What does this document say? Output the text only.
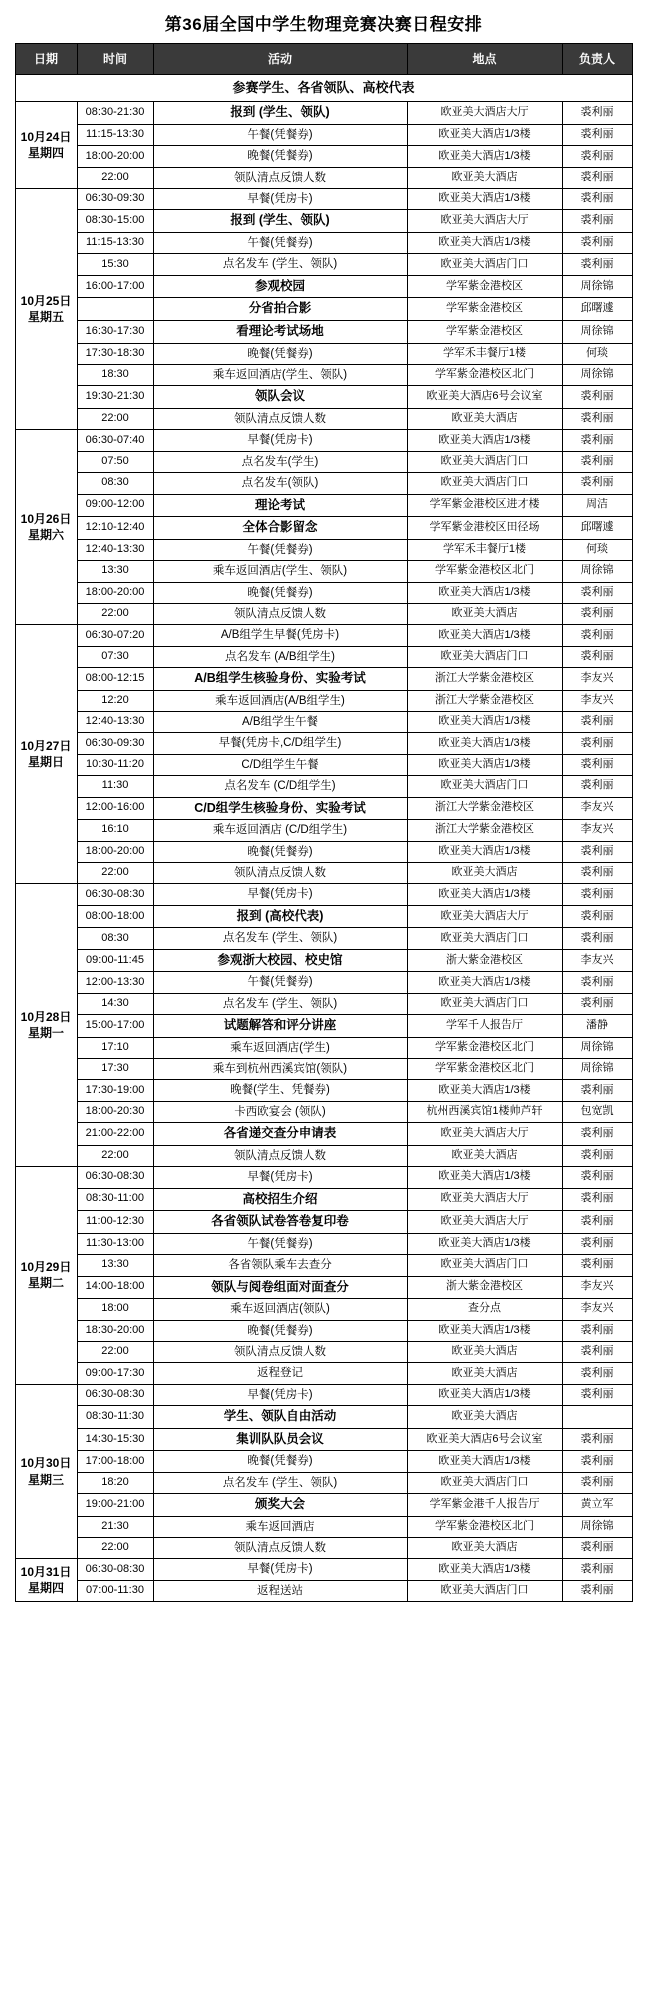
第36届全国中学生物理竞赛决赛日程安排
日期	时间	活动	地点	负责人
参赛学生、各省领队、高校代表				

10月24日
星期四	08:30-21:30	报到 (学生、领队)	欧亚美大酒店大厅	裘利丽
	11:15-13:30	午餐(凭餐券)	欧亚美大酒店1/3楼	裘利丽
	18:00-20:00	晚餐(凭餐券)	欧亚美大酒店1/3楼	裘利丽
	22:00	领队清点反馈人数	欧亚美大酒店	裘利丽

10月25日
星期五	06:30-09:30	早餐(凭房卡)	欧亚美大酒店1/3楼	裘利丽
	08:30-15:00	报到 (学生、领队)	欧亚美大酒店大厅	裘利丽
	11:15-13:30	午餐(凭餐券)	欧亚美大酒店1/3楼	裘利丽
	15:30	点名发车 (学生、领队)	欧亚美大酒店门口	裘利丽
	16:00-17:00	参观校园	学军紫金港校区	周徐锦
		分省拍合影	学军紫金港校区	邱曙遽
	16:30-17:30	看理论考试场地	学军紫金港校区	周徐锦
	17:30-18:30	晚餐(凭餐券)	学军禾丰餐厅1楼	何琰
	18:30	乘车返回酒店(学生、领队)	学军紫金港校区北门	周徐锦
	19:30-21:30	领队会议	欧亚美大酒店6号会议室	裘利丽
	22:00	领队清点反馈人数	欧亚美大酒店	裘利丽

10月26日
星期六	06:30-07:40	早餐(凭房卡)	欧亚美大酒店1/3楼	裘利丽
	07:50	点名发车(学生)	欧亚美大酒店门口	裘利丽
	08:30	点名发车(领队)	欧亚美大酒店门口	裘利丽
	09:00-12:00	理论考试	学军紫金港校区进才楼	周洁
	12:10-12:40	全体合影留念	学军紫金港校区田径场	邱曙遽
	12:40-13:30	午餐(凭餐券)	学军禾丰餐厅1楼	何琰
	13:30	乘车返回酒店(学生、领队)	学军紫金港校区北门	周徐锦
	18:00-20:00	晚餐(凭餐券)	欧亚美大酒店1/3楼	裘利丽
	22:00	领队清点反馈人数	欧亚美大酒店	裘利丽

10月27日
星期日	06:30-07:20	A/B组学生早餐(凭房卡)	欧亚美大酒店1/3楼	裘利丽
	07:30	点名发车 (A/B组学生)	欧亚美大酒店门口	裘利丽
	08:00-12:15	A/B组学生核验身份、实验考试	浙江大学紫金港校区	李友兴
	12:20	乘车返回酒店(A/B组学生)	浙江大学紫金港校区	李友兴
	12:40-13:30	A/B组学生午餐	欧亚美大酒店1/3楼	裘利丽
	06:30-09:30	早餐(凭房卡,C/D组学生)	欧亚美大酒店1/3楼	裘利丽
	10:30-11:20	C/D组学生午餐	欧亚美大酒店1/3楼	裘利丽
	11:30	点名发车 (C/D组学生)	欧亚美大酒店门口	裘利丽
	12:00-16:00	C/D组学生核验身份、实验考试	浙江大学紫金港校区	李友兴
	16:10	乘车返回酒店 (C/D组学生)	浙江大学紫金港校区	李友兴
	18:00-20:00	晚餐(凭餐券)	欧亚美大酒店1/3楼	裘利丽
	22:00	领队清点反馈人数	欧亚美大酒店	裘利丽

10月28日
星期一	06:30-08:30	早餐(凭房卡)	欧亚美大酒店1/3楼	裘利丽
	08:00-18:00	报到 (高校代表)	欧亚美大酒店大厅	裘利丽
	08:30	点名发车 (学生、领队)	欧亚美大酒店门口	裘利丽
	09:00-11:45	参观浙大校园、校史馆	浙大紫金港校区	李友兴
	12:00-13:30	午餐(凭餐券)	欧亚美大酒店1/3楼	裘利丽
	14:30	点名发车 (学生、领队)	欧亚美大酒店门口	裘利丽
	15:00-17:00	试题解答和评分讲座	学军千人报告厅	潘静
	17:10	乘车返回酒店(学生)	学军紫金港校区北门	周徐锦
	17:30	乘车到杭州西溪宾馆(领队)	学军紫金港校区北门	周徐锦
	17:30-19:00	晚餐(学生、凭餐券)	欧亚美大酒店1/3楼	裘利丽
	18:00-20:30	卡西欧宴会 (领队)	杭州西溪宾馆1楼帅芦轩	包宽凯
	21:00-22:00	各省递交查分申请表	欧亚美大酒店大厅	裘利丽
	22:00	领队清点反馈人数	欧亚美大酒店	裘利丽

10月29日
星期二	06:30-08:30	早餐(凭房卡)	欧亚美大酒店1/3楼	裘利丽
	08:30-11:00	高校招生介绍	欧亚美大酒店大厅	裘利丽
	11:00-12:30	各省领队试卷答卷复印卷	欧亚美大酒店大厅	裘利丽
	11:30-13:00	午餐(凭餐券)	欧亚美大酒店1/3楼	裘利丽
	13:30	各省领队乘车去查分	欧亚美大酒店门口	裘利丽
	14:00-18:00	领队与阅卷组面对面查分	浙大紫金港校区	李友兴
	18:00	乘车返回酒店(领队)	查分点	李友兴
	18:30-20:00	晚餐(凭餐券)	欧亚美大酒店1/3楼	裘利丽
	22:00	领队清点反馈人数	欧亚美大酒店	裘利丽
	09:00-17:30	返程登记	欧亚美大酒店	裘利丽

10月30日
星期三	06:30-08:30	早餐(凭房卡)	欧亚美大酒店1/3楼	裘利丽
	08:30-11:30	学生、领队自由活动	欧亚美大酒店	
	14:30-15:30	集训队队员会议	欧亚美大酒店6号会议室	裘利丽
	17:00-18:00	晚餐(凭餐券)	欧亚美大酒店1/3楼	裘利丽
	18:20	点名发车 (学生、领队)	欧亚美大酒店门口	裘利丽
	19:00-21:00	颁奖大会	学军紫金港千人报告厅	黄立军
	21:30	乘车返回酒店	学军紫金港校区北门	周徐锦
	22:00	领队清点反馈人数	欧亚美大酒店	裘利丽

10月31日
星期四	06:30-08:30	早餐(凭房卡)	欧亚美大酒店1/3楼	裘利丽
	07:00-11:30	返程送站	欧亚美大酒店门口	裘利丽
